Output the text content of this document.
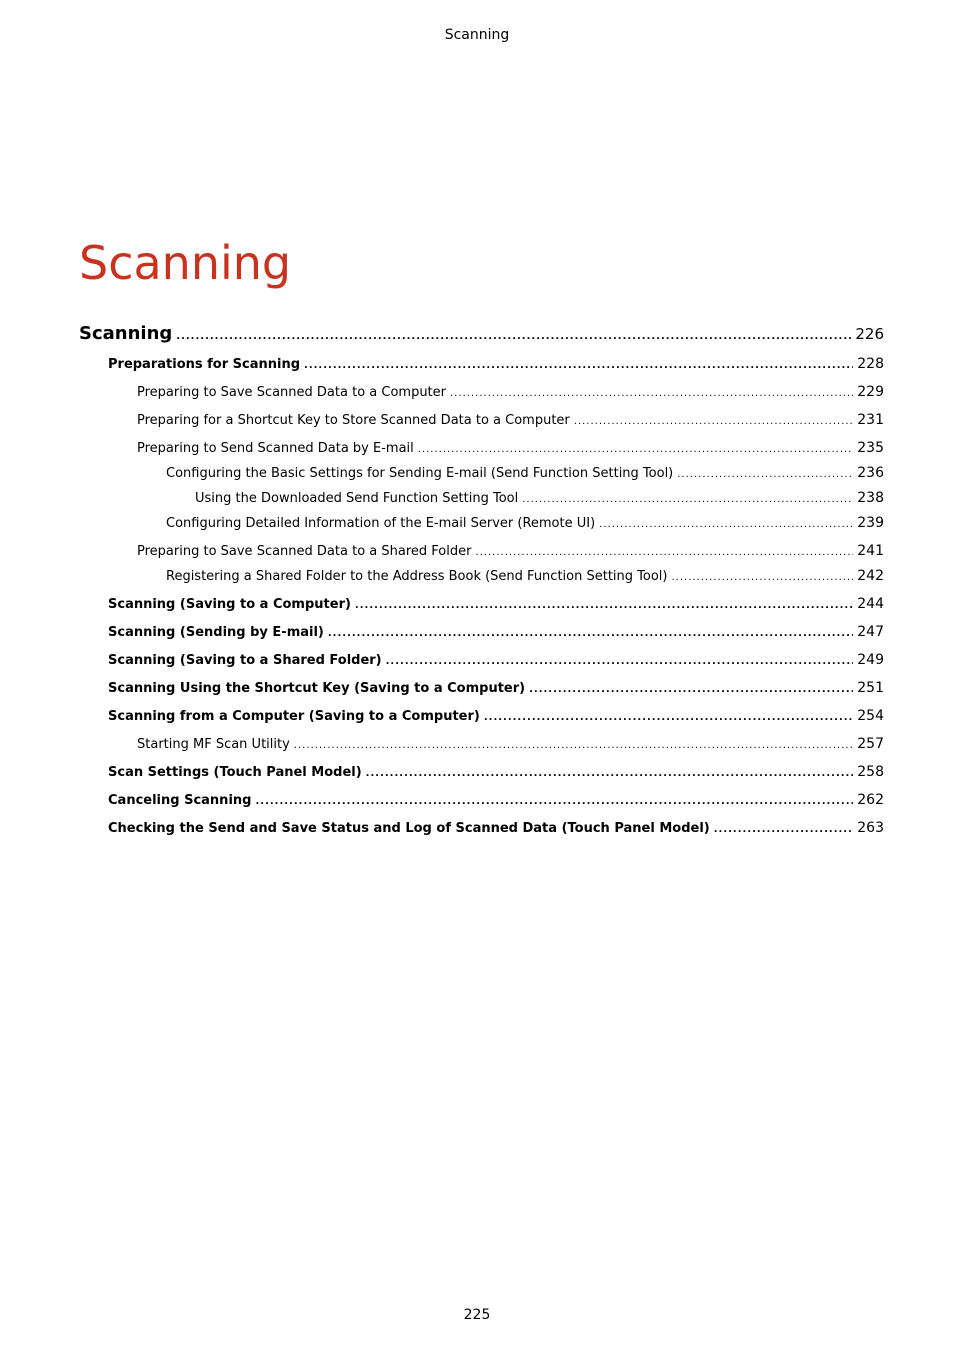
Scanning
Scanning
Scanning .....	226
Preparations for Scanning .....	228
Preparing to Save Scanned Data to a Computer .....	229
Preparing for a Shortcut Key to Store Scanned Data to a Computer .....	231
Preparing to Send Scanned Data by E-mail .....	235
Configuring the Basic Settings for Sending E-mail (Send Function Setting Tool) .....	236
Using the Downloaded Send Function Setting Tool .....	238
Configuring Detailed Information of the E-mail Server (Remote UI) .....	239
Preparing to Save Scanned Data to a Shared Folder .....	241
Registering a Shared Folder to the Address Book (Send Function Setting Tool) .....	242
Scanning (Saving to a Computer) .....	244
Scanning (Sending by E-mail) .....	247
Scanning (Saving to a Shared Folder) .....	249
Scanning Using the Shortcut Key (Saving to a Computer) .....	251
Scanning from a Computer (Saving to a Computer) .....	254
Starting MF Scan Utility .....	257
Scan Settings (Touch Panel Model) .....	258
Canceling Scanning .....	262
Checking the Send and Save Status and Log of Scanned Data (Touch Panel Model) .....	263
225
